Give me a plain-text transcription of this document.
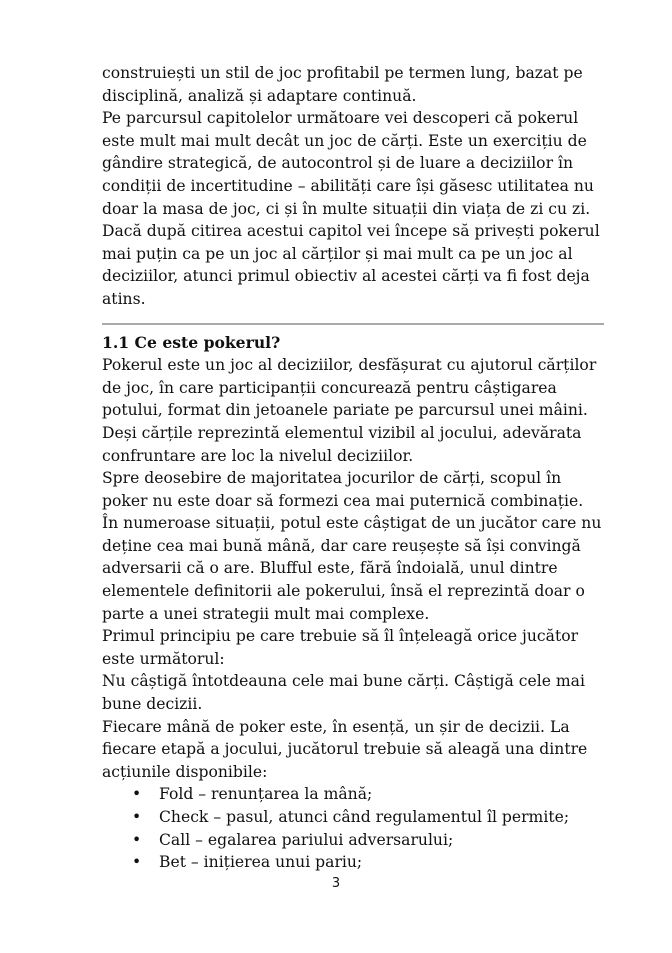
construiești un stil de joc profitabil pe termen lung, bazat pe disciplină, analiză și adaptare continuă.

Pe parcursul capitolelor următoare vei descoperi că pokerul este mult mai mult decât un joc de cărți. Este un exercițiu de gândire strategică, de autocontrol și de luare a deciziilor în condiții de incertitudine – abilități care își găsesc utilitatea nu doar la masa de joc, ci și în multe situații din viața de zi cu zi.

Dacă după citirea acestui capitol vei începe să privești pokerul mai puțin ca pe un joc al cărților și mai mult ca pe un joc al deciziilor, atunci primul obiectiv al acestei cărți va fi fost deja atins.

1.1 Ce este pokerul?

Pokerul este un joc al deciziilor, desfășurat cu ajutorul cărților de joc, în care participanții concurează pentru câștigarea potului, format din jetoanele pariate pe parcursul unei mâini.

Deși cărțile reprezintă elementul vizibil al jocului, adevărata confruntare are loc la nivelul deciziilor.

Spre deosebire de majoritatea jocurilor de cărți, scopul în poker nu este doar să formezi cea mai puternică combinație. În numeroase situații, potul este câștigat de un jucător care nu deține cea mai bună mână, dar care reușește să își convingă adversarii că o are. Blufful este, fără îndoială, unul dintre elementele definitorii ale pokerului, însă el reprezintă doar o parte a unei strategii mult mai complexe.

Primul principiu pe care trebuie să îl înțeleagă orice jucător este următorul:

Nu câștigă întotdeauna cele mai bune cărți. Câștigă cele mai bune decizii.

Fiecare mână de poker este, în esență, un șir de decizii. La fiecare etapă a jocului, jucătorul trebuie să aleagă una dintre acțiunile disponibile:

• Fold – renunțarea la mână;
• Check – pasul, atunci când regulamentul îl permite;
• Call – egalarea pariului adversarului;
• Bet – inițierea unui pariu;
3
